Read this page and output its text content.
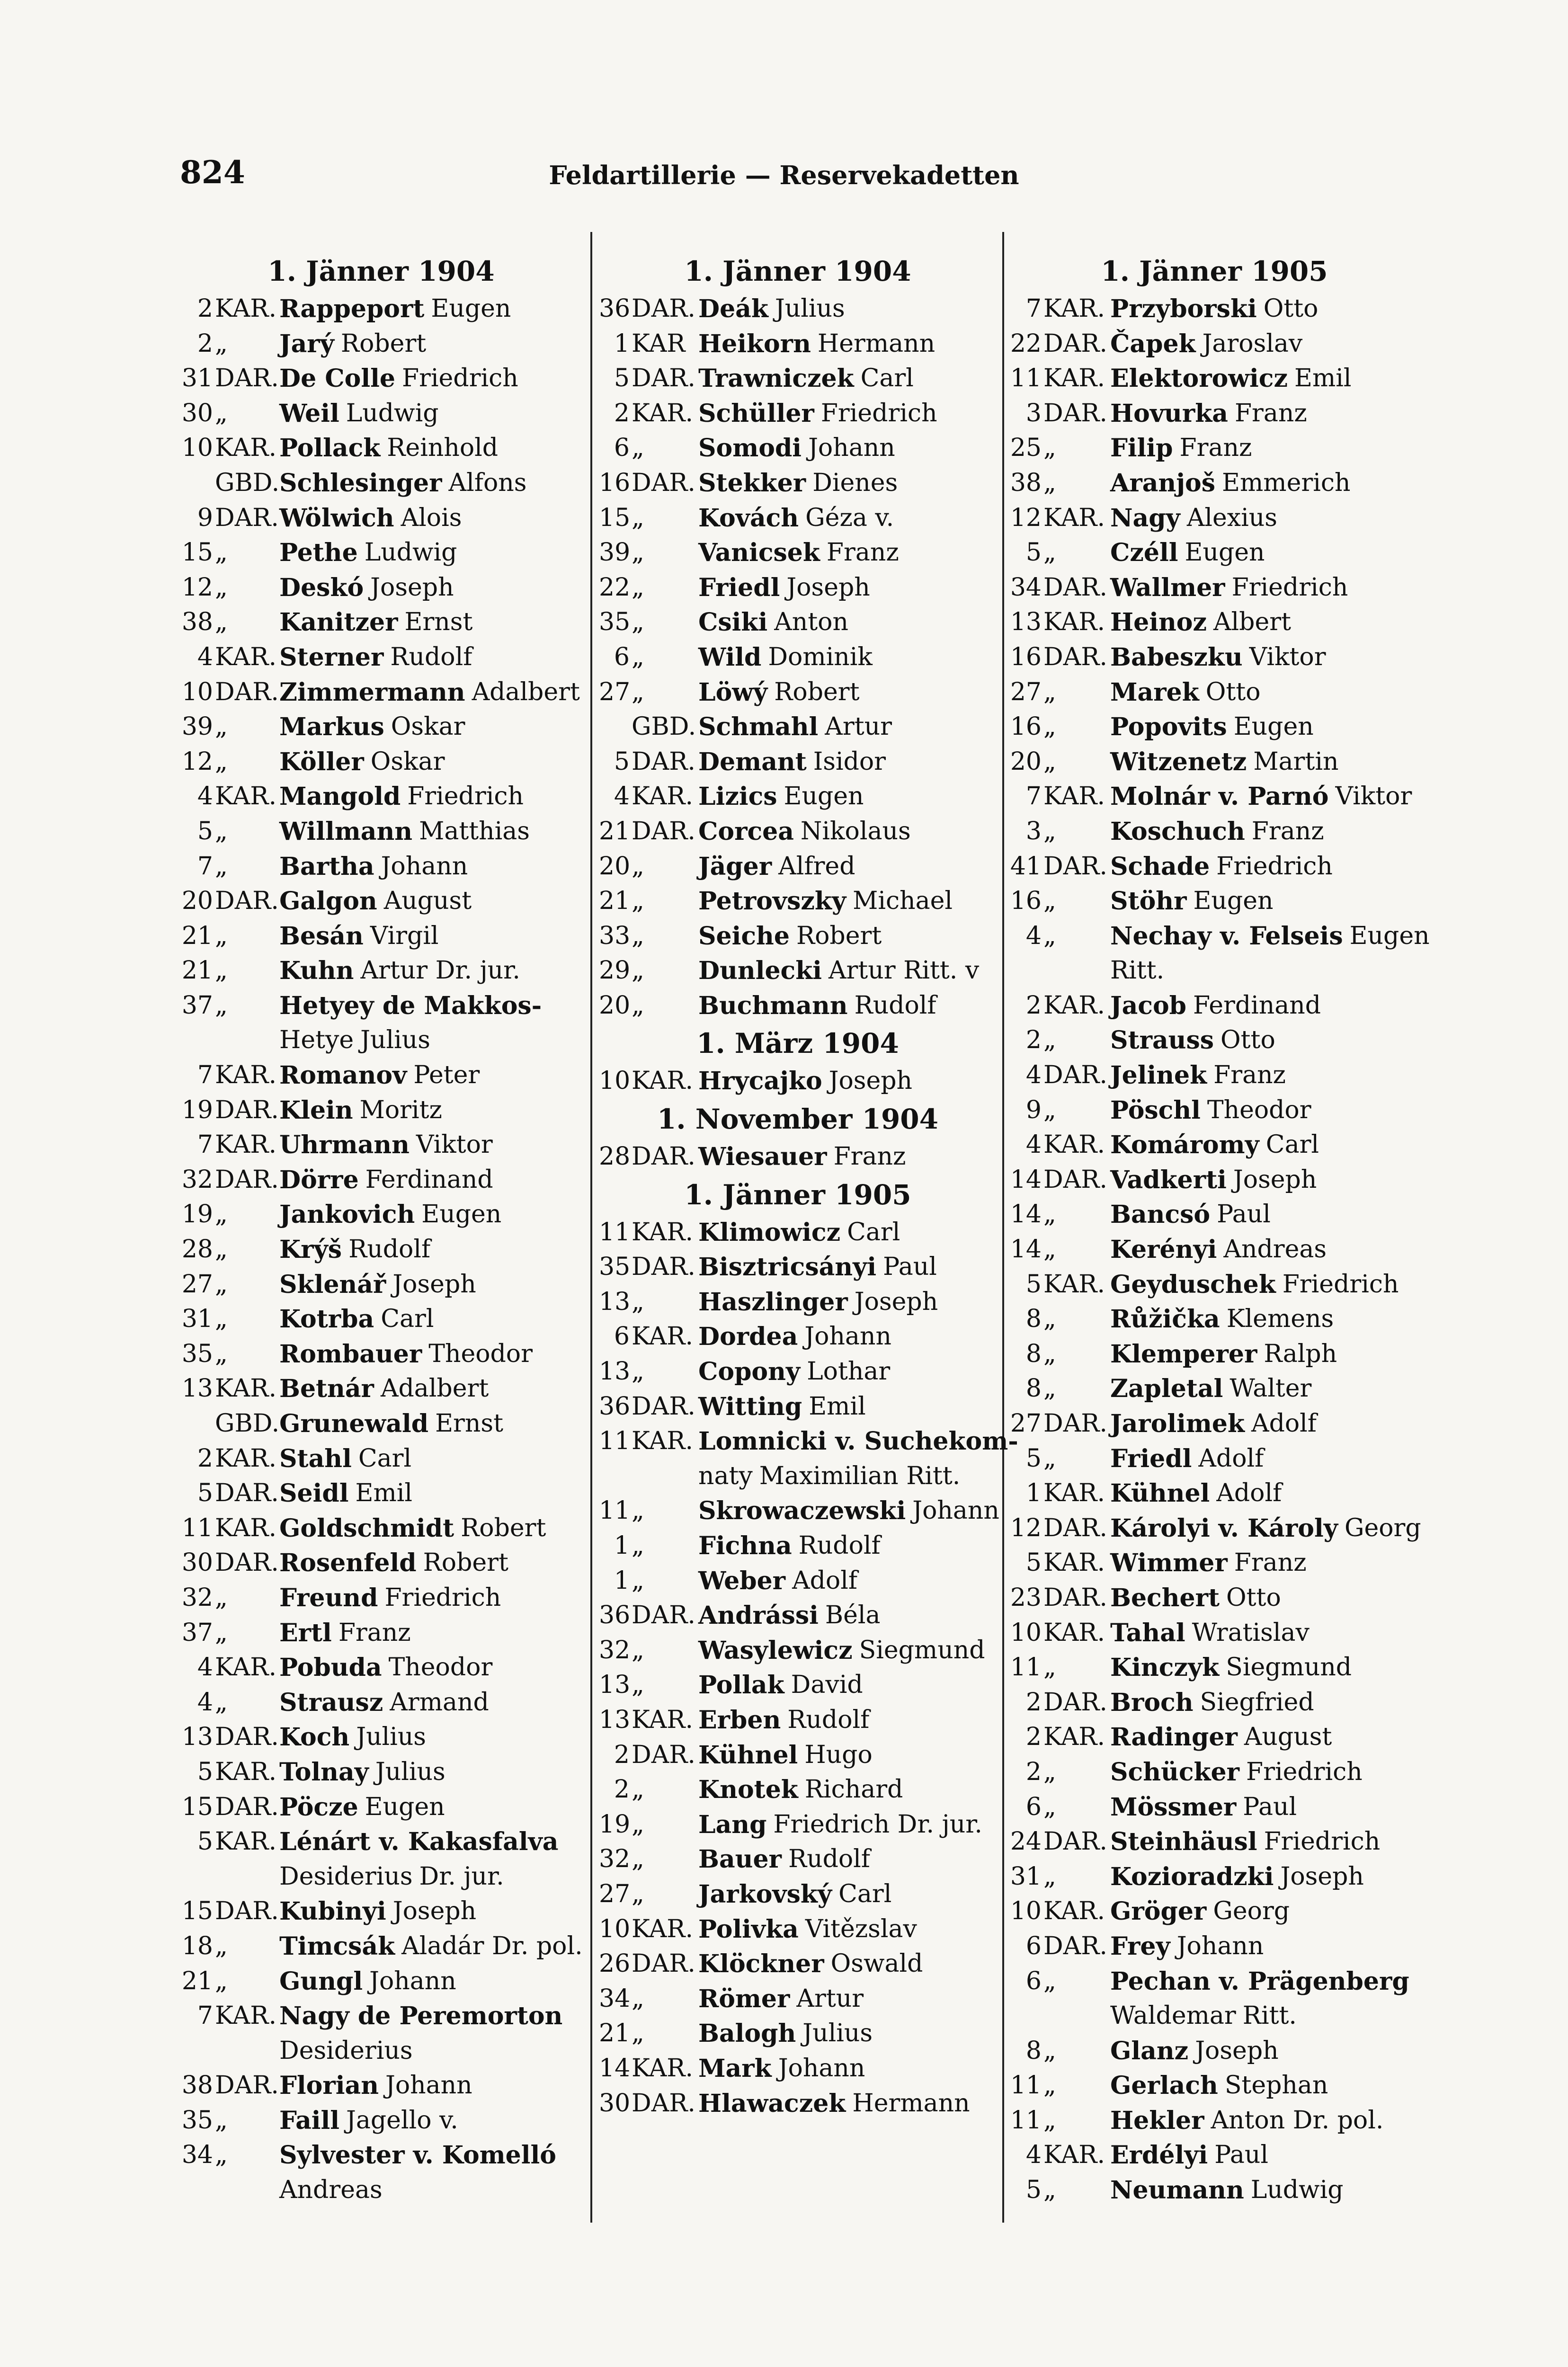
824	Feldartillerie — Reservekadetten
1. Jänner 1904
2 KAR. Rappeport Eugen
2 „	Jarý Robert
31 DAR. De Colle Friedrich
30 „	Weil Ludwig
10 KAR. Pollack Reinhold
GBD. Schlesinger Alfons
9 DAR. Wölwich Alois
15 „	Pethe Ludwig
12 „	Deskó Joseph
38 „	Kanitzer Ernst
4 KAR. Sterner Rudolf
10 DAR. Zimmermann Adalbert
39 „	Markus Oskar
12 „	Köller Oskar
4 KAR. Mangold Friedrich
5 „	Willmann Matthias
7 „	Bartha Johann
20 DAR. Galgon August
21 „	Besán Virgil
21 „	Kuhn Artur Dr. jur.
37 „	Hetyey de Makkos-
Hetye Julius
7 KAR. Romanov Peter
19 DAR. Klein Moritz
7 KAR. Uhrmann Viktor
32 DAR. Dörre Ferdinand
19 „	Jankovich Eugen
28 „	Krýš Rudolf
27 „	Sklenář Joseph
31 „	Kotrba Carl
35 „	Rombauer Theodor
13 KAR. Betnár Adalbert
GBD. Grunewald Ernst
2 KAR. Stahl Carl
5 DAR. Seidl Emil
11 KAR. Goldschmidt Robert
30 DAR. Rosenfeld Robert
32 „	Freund Friedrich
37 „	Ertl Franz
4 KAR. Pobuda Theodor
4 „	Strausz Armand
13 DAR. Koch Julius
5 KAR. Tolnay Julius
15 DAR. Pöcze Eugen
5 KAR. Lénárt v. Kakasfalva
Desiderius Dr. jur.
15 DAR. Kubinyi Joseph
18 „	Timcsák Aladár Dr. pol.
21 „	Gungl Johann
7 KAR. Nagy de Peremorton
Desiderius
38 DAR. Florian Johann
35 „	Faill Jagello v.
34 „	Sylvester v. Komelló
Andreas
1. Jänner 1904
36 DAR. Deák Julius
1 KAR Heikorn Hermann
5 DAR. Trawniczek Carl
2 KAR. Schüller Friedrich
6 „	Somodi Johann
16 DAR. Stekker Dienes
15 „	Kovách Géza v.
39 „	Vanicsek Franz
22 „	Friedl Joseph
35 „	Csiki Anton
6 „	Wild Dominik
27 „	Löwý Robert
GBD. Schmahl Artur
5 DAR. Demant Isidor
4 KAR. Lizics Eugen
21 DAR. Corcea Nikolaus
20 „	Jäger Alfred
21 „	Petrovszky Michael
33 „	Seiche Robert
29 „	Dunlecki Artur Ritt. v
20 „	Buchmann Rudolf
1. März 1904
10 KAR. Hrycajko Joseph
1. November 1904
28 DAR. Wiesauer Franz
1. Jänner 1905
11 KAR. Klimowicz Carl
35 DAR. Bisztricsányi Paul
13 „	Haszlinger Joseph
6 KAR. Dordea Johann
13 „	Copony Lothar
36 DAR. Witting Emil
11 KAR. Lomnicki v. Suchekom-
naty Maximilian Ritt.
11 „	Skrowaczewski Johann
1 „	Fichna Rudolf
1 „	Weber Adolf
36 DAR. Andrássi Béla
32 „	Wasylewicz Siegmund
13 „	Pollak David
13 KAR. Erben Rudolf
2 DAR. Kühnel Hugo
2 „	Knotek Richard
19 „	Lang Friedrich Dr. jur.
32 „	Bauer Rudolf
27 „	Jarkovský Carl
10 KAR. Polivka Vitězslav
26 DAR. Klöckner Oswald
34 „	Römer Artur
21 „	Balogh Julius
14 KAR. Mark Johann
30 DAR. Hlawaczek Hermann
1. Jänner 1905
7 KAR. Przyborski Otto
22 DAR. Čapek Jaroslav
11 KAR. Elektorowicz Emil
3 DAR. Hovurka Franz
25 „	Filip Franz
38 „	Aranjoš Emmerich
12 KAR. Nagy Alexius
5 „	Czéll Eugen
34 DAR. Wallmer Friedrich
13 KAR. Heinoz Albert
16 DAR. Babeszku Viktor
27 „	Marek Otto
16 „	Popovits Eugen
20 „	Witzenetz Martin
7 KAR. Molnár v. Parnó Viktor
3 „	Koschuch Franz
41 DAR. Schade Friedrich
16 „	Stöhr Eugen
4 „	Nechay v. Felseis Eugen
Ritt.
2 KAR. Jacob Ferdinand
2 „	Strauss Otto
4 DAR. Jelinek Franz
9 „	Pöschl Theodor
4 KAR. Komáromy Carl
14 DAR. Vadkerti Joseph
14 „	Bancsó Paul
14 „	Kerényi Andreas
5 KAR. Geyduschek Friedrich
8 „	Růžička Klemens
8 „	Klemperer Ralph
8 „	Zapletal Walter
27 DAR. Jarolimek Adolf
5 „	Friedl Adolf
1 KAR. Kühnel Adolf
12 DAR. Károlyi v. Károly Georg
5 KAR. Wimmer Franz
23 DAR. Bechert Otto
10 KAR. Tahal Wratislav
11 „	Kinczyk Siegmund
2 DAR. Broch Siegfried
2 KAR. Radinger August
2 „	Schücker Friedrich
6 „	Mössmer Paul
24 DAR. Steinhäusl Friedrich
31 „	Kozioradzki Joseph
10 KAR. Gröger Georg
6 DAR. Frey Johann
6 „	Pechan v. Prägenberg
Waldemar Ritt.
8 „	Glanz Joseph
11 „	Gerlach Stephan
11 „	Hekler Anton Dr. pol.
4 KAR. Erdélyi Paul
5 „	Neumann Ludwig
